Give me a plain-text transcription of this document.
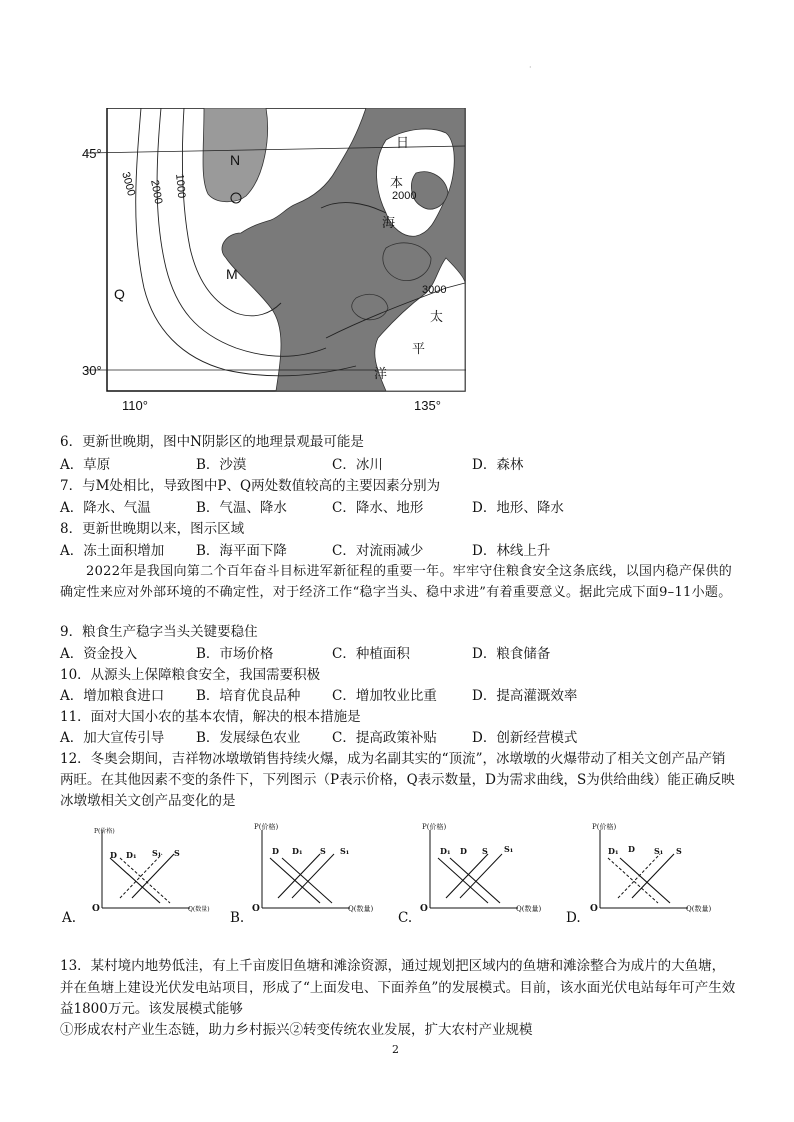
·
45°
30°
110°	135°
N
M
Q
3000 2000 1000	2000
3000
日
本
海
太
平
洋
6．更新世晚期，图中N阴影区的地理景观最可能是
A．草原	B．沙漠	C．冰川	D．森林
7．与M处相比，导致图中P、Q两处数值较高的主要因素分别为
A．降水、气温	B．气温、降水	C．降水、地形	D．地形、降水
8．更新世晚期以来，图示区域
A．冻土面积增加 B．海平面下降	C．对流雨减少	D．林线上升
2022年是我国向第二个百年奋斗目标进军新征程的重要一年。牢牢守住粮食安全这条底线，以国内稳产保供的确定性来应对外部环境的不确定性，对于经济工作“稳字当头、稳中求进”有着重要意义。据此完成下面9–11小题。
9．粮食生产稳字当头关键要稳住
A．资金投入	B．市场价格	C．种植面积	D．粮食储备
10．从源头上保障粮食安全，我国需要积极
A．增加粮食进口 B．培育优良品种 C．增加牧业比重	D．提高灌溉效率
11．面对大国小农的基本农情，解决的根本措施是
A．加大宣传引导 B．发展绿色农业 C．提高政策补贴	D．创新经营模式
12．冬奥会期间，吉祥物冰墩墩销售持续火爆，成为名副其实的“顶流”，冰墩墩的火爆带动了相关文创产品产销两旺。在其他因素不变的条件下，下列图示（P表示价格，Q表示数量，D为需求曲线，S为供给曲线）能正确反映冰墩墩相关文创产品变化的是
P(价格)
Q(数量)
O
D D₁ S₁ S
A.
P(价格)
Q(数量)
O
D D₁ S S₁
B.
P(价格)
Q(数量)
O
D₁ D S S₁
C.
P(价格)
Q(数量)
O
D₁ D S₁ S
D.
13．某村境内地势低洼，有上千亩废旧鱼塘和滩涂资源，通过规划把区域内的鱼塘和滩涂整合为成片的大鱼塘，并在鱼塘上建设光伏发电站项目，形成了“上面发电、下面养鱼”的发展模式。目前，该水面光伏电站每年可产生效益1800万元。该发展模式能够
①形成农村产业生态链，助力乡村振兴②转变传统农业发展，扩大农村产业规模
2
